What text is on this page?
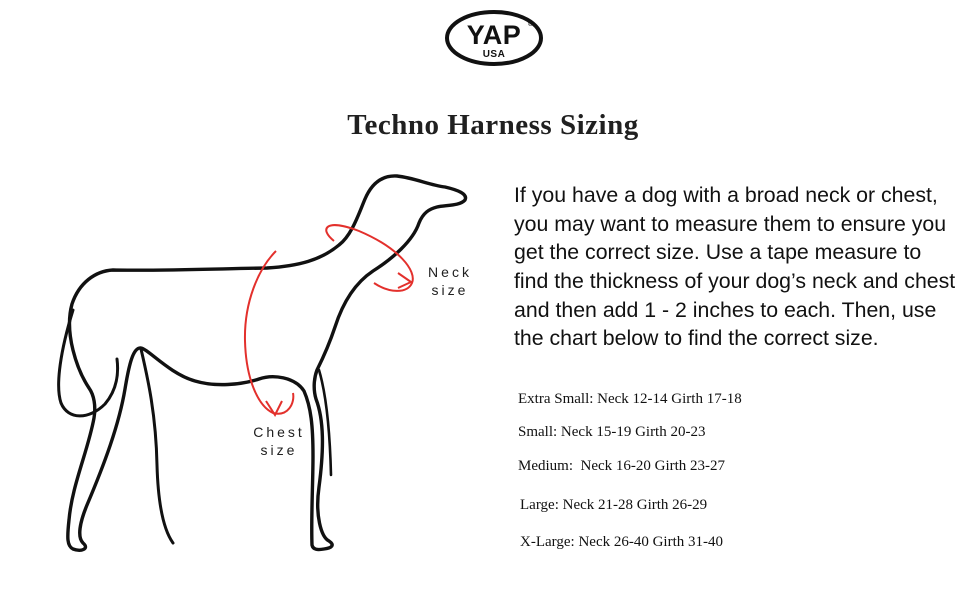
YAP ®
USA
Techno Harness Sizing
Neck
size
Chest
size

If you have a dog with a broad neck or chest, you may want to measure them to ensure you get the correct size. Use a tape measure to find the thickness of your dog’s neck and chest and then add 1 - 2 inches to each. Then, use the chart below to find the correct size.

Extra Small: Neck 12-14 Girth 17-18
Small: Neck 15-19 Girth 20-23
Medium:  Neck 16-20 Girth 23-27
Large: Neck 21-28 Girth 26-29
X-Large: Neck 26-40 Girth 31-40
